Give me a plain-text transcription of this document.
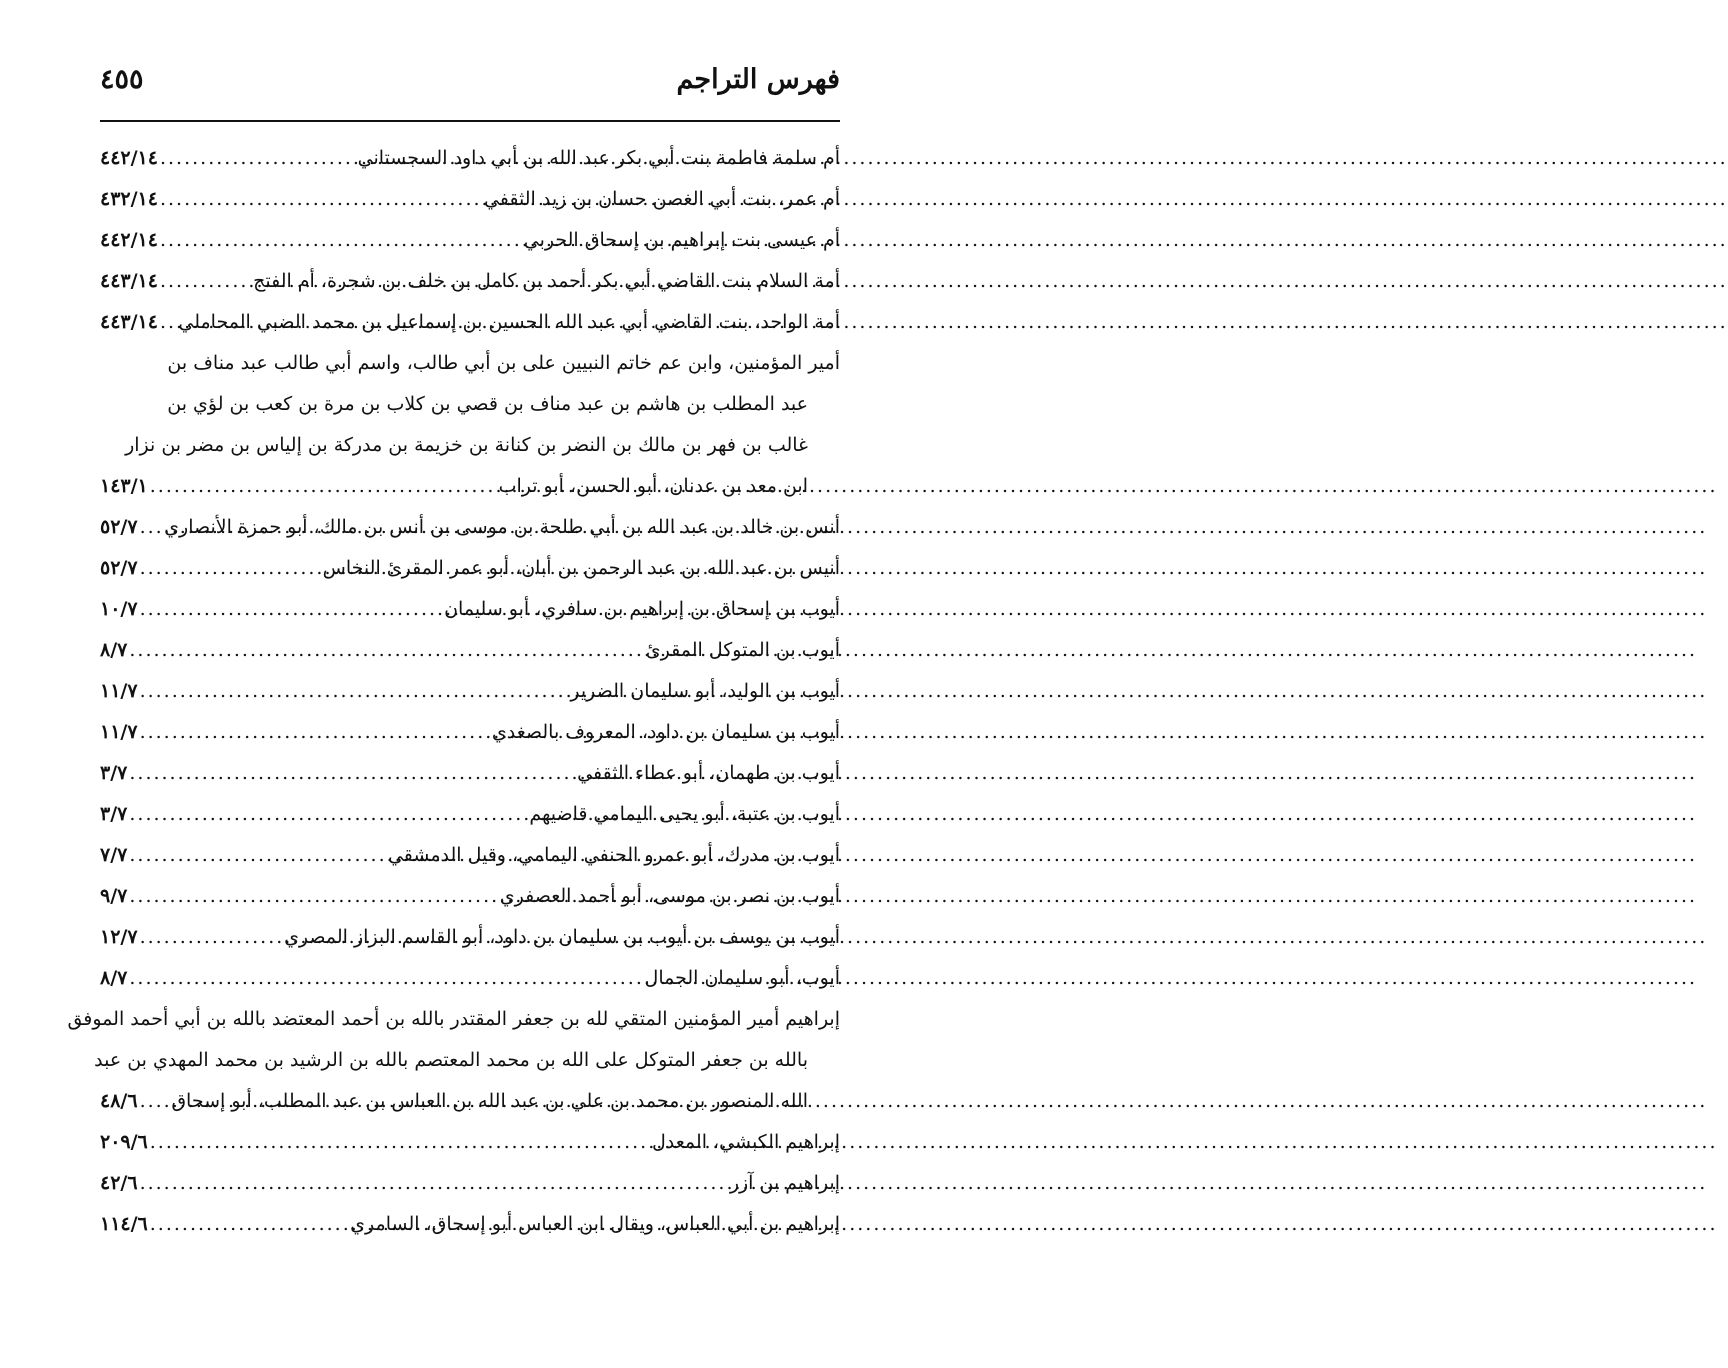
فهرس التراجم
٤٥٥
أم سلمة فاطمة بنت أبي بكر عبد الله بن أبي داود السجستاني
.....
٤٤٢/١٤
أم عمر، بنت أبي الغصن حسان بن زيد الثقفي
.....
٤٣٢/١٤
أم عيسى بنت إبراهيم بن إسحاق الحربي
.....
٤٤٢/١٤
أمة السلام بنت القاضي أبي بكر أحمد بن كامل بن خلف بن شجرة، أم الفتح
.....
٤٤٣/١٤
أمة الواحد، بنت القاضي أبي عبد الله الحسين بن إسماعيل بن محمد الضبي المحاملي
.....
٤٤٣/١٤
أمير المؤمنين، وابن عم خاتم النبيين على بن أبي طالب، واسم أبي طالب عبد مناف بن
عبد المطلب بن هاشم بن عبد مناف بن قصي بن كلاب بن مرة بن كعب بن لؤي بن
غالب بن فهر بن مالك بن النضر بن كنانة بن خزيمة بن مدركة بن إلياس بن مضر بن نزار
ابن معد بن عدنان، أبو الحسن، أبو تراب
.....
١٤٣/١
أنس بن خالد بن عبد الله بن أبي طلحة بن موسى بن أنس بن مالك، أبو حمزة الأنصاري
.....
٥٢/٧
أنيس بن عبد الله بن عبد الرحمن بن أبان، أبو عمر المقرئ النخاس
.....
٥٢/٧
أيوب بن إسحاق بن إبراهيم بن سافري، أبو سليمان
.....
١٠/٧
أيوب بن المتوكل المقرئ
.....
٨/٧
أيوب بن الوليد، أبو سليمان الضرير
.....
١١/٧
أيوب بن سليمان بن داود، المعروف بالصغدي
.....
١١/٧
أيوب بن طهمان، أبو عطاء الثقفي
.....
٣/٧
أيوب بن عتبة، أبو يحيى اليمامي قاضيهم
.....
٣/٧
أيوب بن مدرك، أبو عمرو الحنفي اليمامي، وقيل الدمشقي
.....
٧/٧
أيوب بن نصر بن موسى، أبو أحمد العصفري
.....
٩/٧
أيوب بن يوسف بن أيوب بن سليمان بن داود، أبو القاسم البزاز المصري
.....
١٢/٧
أيوب، أبو سليمان الجمال
.....
٨/٧
إبراهيم أمير المؤمنين المتقي لله بن جعفر المقتدر بالله بن أحمد المعتضد بالله بن أبي أحمد الموفق
بالله بن جعفر المتوكل على الله بن محمد المعتصم بالله بن الرشيد بن محمد المهدي بن عبد
الله المنصور بن محمد بن علي بن عبد الله بن العباس بن عبد المطلب، أبو إسحاق
.....
٤٨/٦
إبراهيم الكبشي، المعدل
.....
٢٠٩/٦
إبراهيم بن آزر
.....
٤٢/٦
إبراهيم بن أبي العباس، ويقال ابن العباس أبو إسحاق، السامري
.....
١١٤/٦
